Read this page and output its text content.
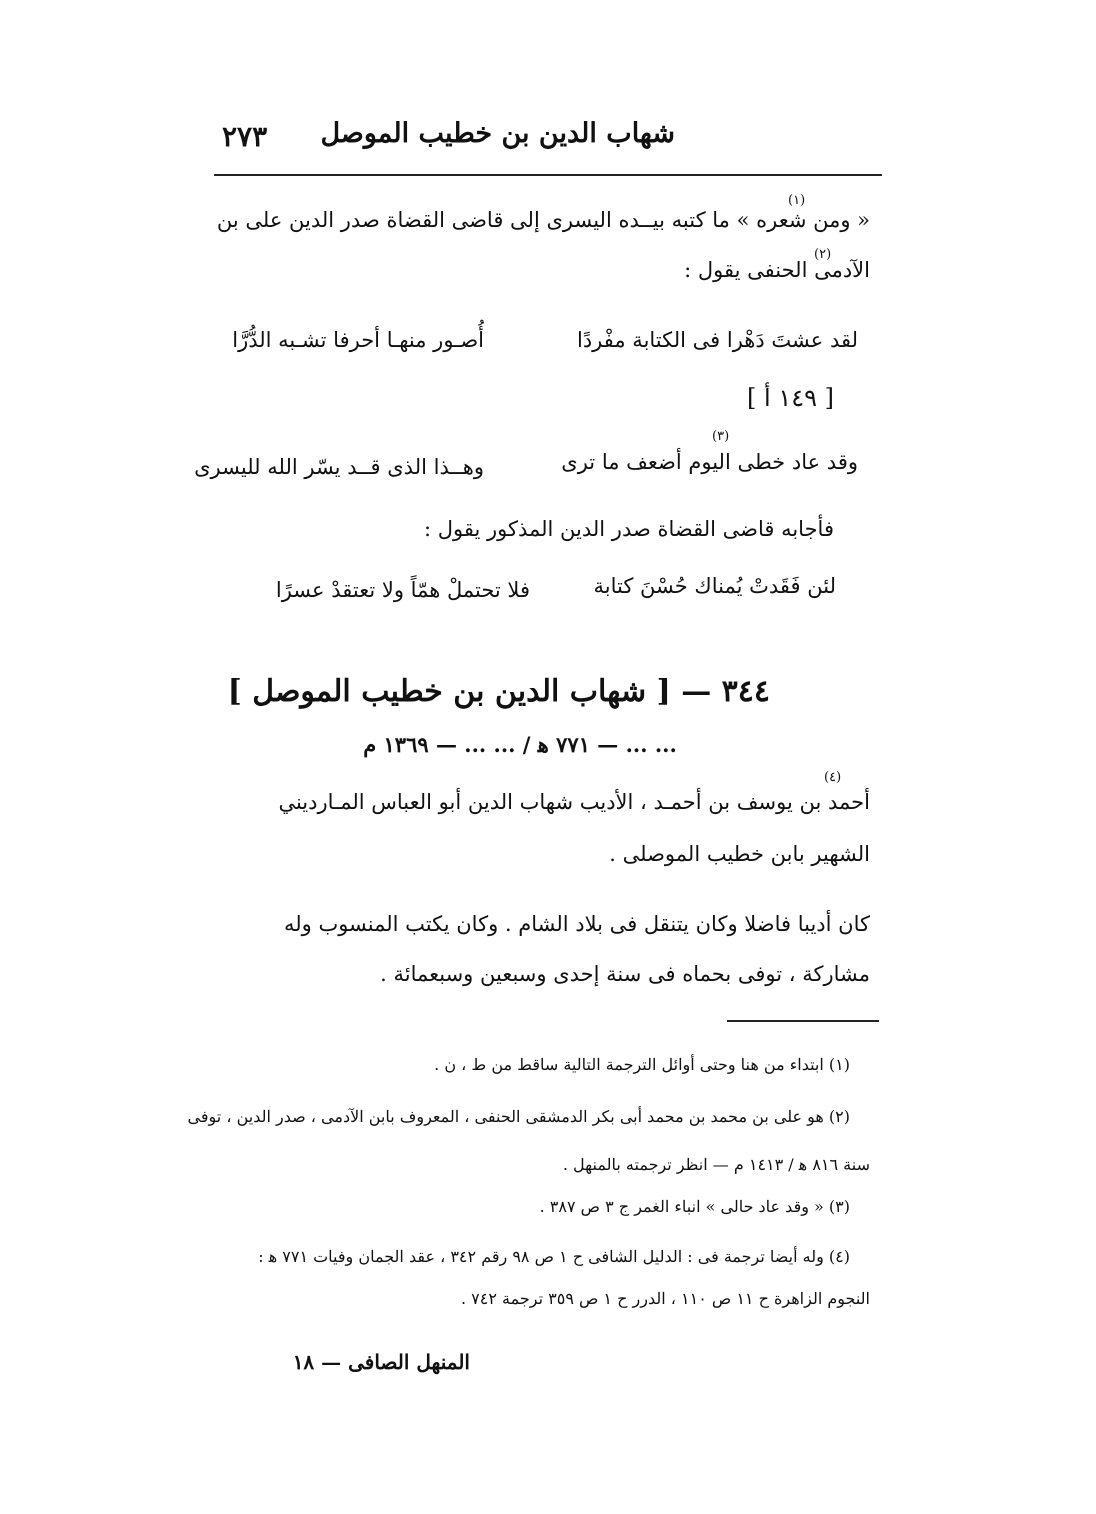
شهاب الدين بن خطيب الموصل
٢٧٣
« ومن شعره » ما كتبه بيــده اليسرى إلى قاضى القضاة صدر الدين على بن
(١)
الآدمى الحنفى يقول :
(٢)
لقد عشتَ دَهْرا فى الكتابة مفْردًا
أُصـور منهـا أحرفا تشـبه الدُّرَّا
[ ١٤٩ أ ]
(٣)
وقد عاد خطى اليوم أضعف ما ترى
وهــذا الذى قــد يسّر الله لليسرى
فأجابه قاضى القضاة صدر الدين المذكور يقول :
لئن فَقَدتْ يُمناك حُسْنَ كتابة
فلا تحتملْ همّاً ولا تعتقدْ عسرًا
٣٤٤ — [ شهاب الدين بن خطيب الموصل ]
... ... — ٧٧١ ﻫ / ... ... — ١٣٦٩ م
(٤)
أحمد بن يوسف بن أحمـد ، الأديب شهاب الدين أبو العباس المـارديني
الشهير بابن خطيب الموصلى .
كان أديبا فاضلا وكان يتنقل فى بلاد الشام . وكان يكتب المنسوب وله
مشاركة ، توفى بحماه فى سنة إحدى وسبعين وسبعمائة .
(١) ابتداء من هنا وحتى أوائل الترجمة التالية ساقط من ط ، ن .
(٢) هو على بن محمد بن محمد أبى بكر الدمشقى الحنفى ، المعروف بابن الآدمى ، صدر الدين ، توفى
سنة ٨١٦ ﻫ / ١٤١٣ م — انظر ترجمته بالمنهل .
(٣) « وقد عاد حالى » انباء الغمر ج ٣ ص ٣٨٧ .
(٤) وله أيضا ترجمة فى : الدليل الشافى ح ١ ص ٩٨ رقم ٣٤٢ ، عقد الجمان وفيات ٧٧١ ﻫ :
النجوم الزاهرة ح ١١ ص ١١٠ ، الدرر ح ١ ص ٣٥٩ ترجمة ٧٤٢ .
المنهل الصافى — ١٨
